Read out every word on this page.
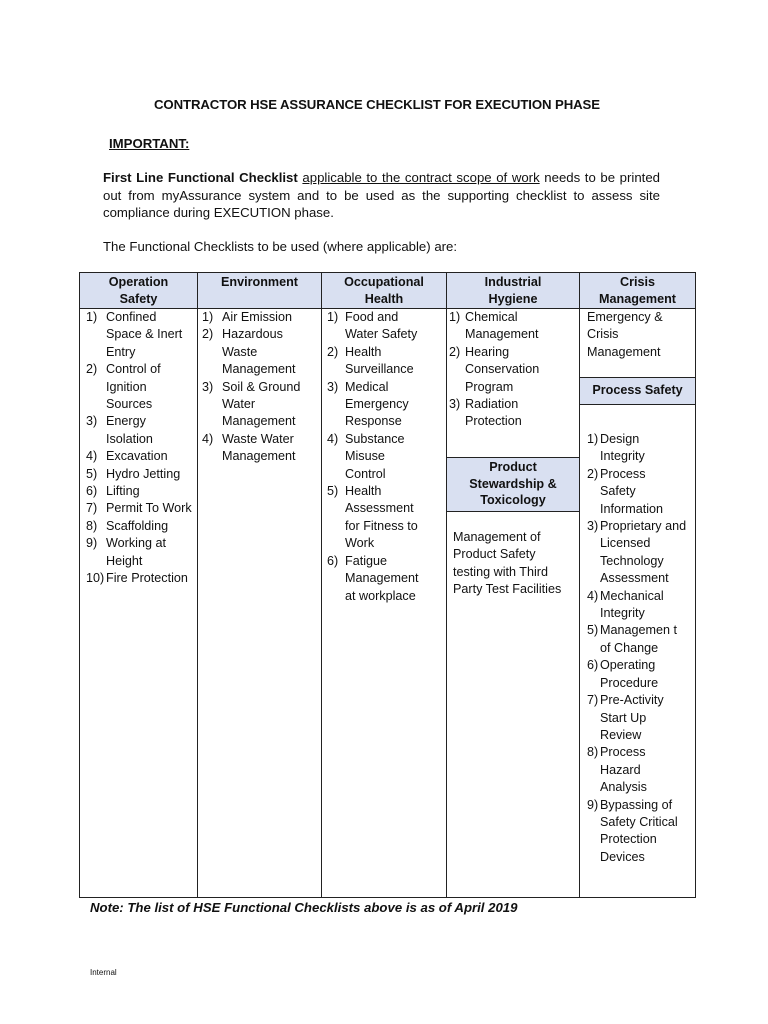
CONTRACTOR HSE ASSURANCE CHECKLIST FOR EXECUTION PHASE
IMPORTANT:
First Line Functional Checklist applicable to the contract scope of work needs to be printed out from myAssurance system and to be used as the supporting checklist to assess site compliance during EXECUTION phase.
The Functional Checklists to be used (where applicable) are:
Operation Safety
Environment	Occupational Health
Industrial Hygiene
Crisis Management
Product Stewardship & Toxicology
Process Safety
1) Confined Space & Inert Entry
2) Control of Ignition Sources
3) Energy Isolation
4) Excavation
5) Hydro Jetting
6) Lifting
7) Permit To Work
8) Scaffolding
9) Working at Height
10) Fire Protection
1) Air Emission
2) Hazardous Waste Management
3) Soil & Ground Water Management
4) Waste Water Management
1) Food and Water Safety
2) Health Surveillance
3) Medical Emergency Response
4) Substance Misuse Control
5) Health Assessment for Fitness to Work
6) Fatigue Management at workplace
1) Chemical Management
2) Hearing Conservation Program
3) Radiation Protection
Management of Product Safety testing with Third Party Test Facilities
Emergency & Crisis Management
1) Design Integrity
2) Process Safety Information
3) Proprietary and Licensed Technology Assessment
4) Mechanical Integrity
5) Managemen t of Change
6) Operating Procedure
7) Pre-Activity Start Up Review
8) Process Hazard Analysis
9) Bypassing of Safety Critical Protection Devices
Note: The list of HSE Functional Checklists above is as of April 2019
Internal
